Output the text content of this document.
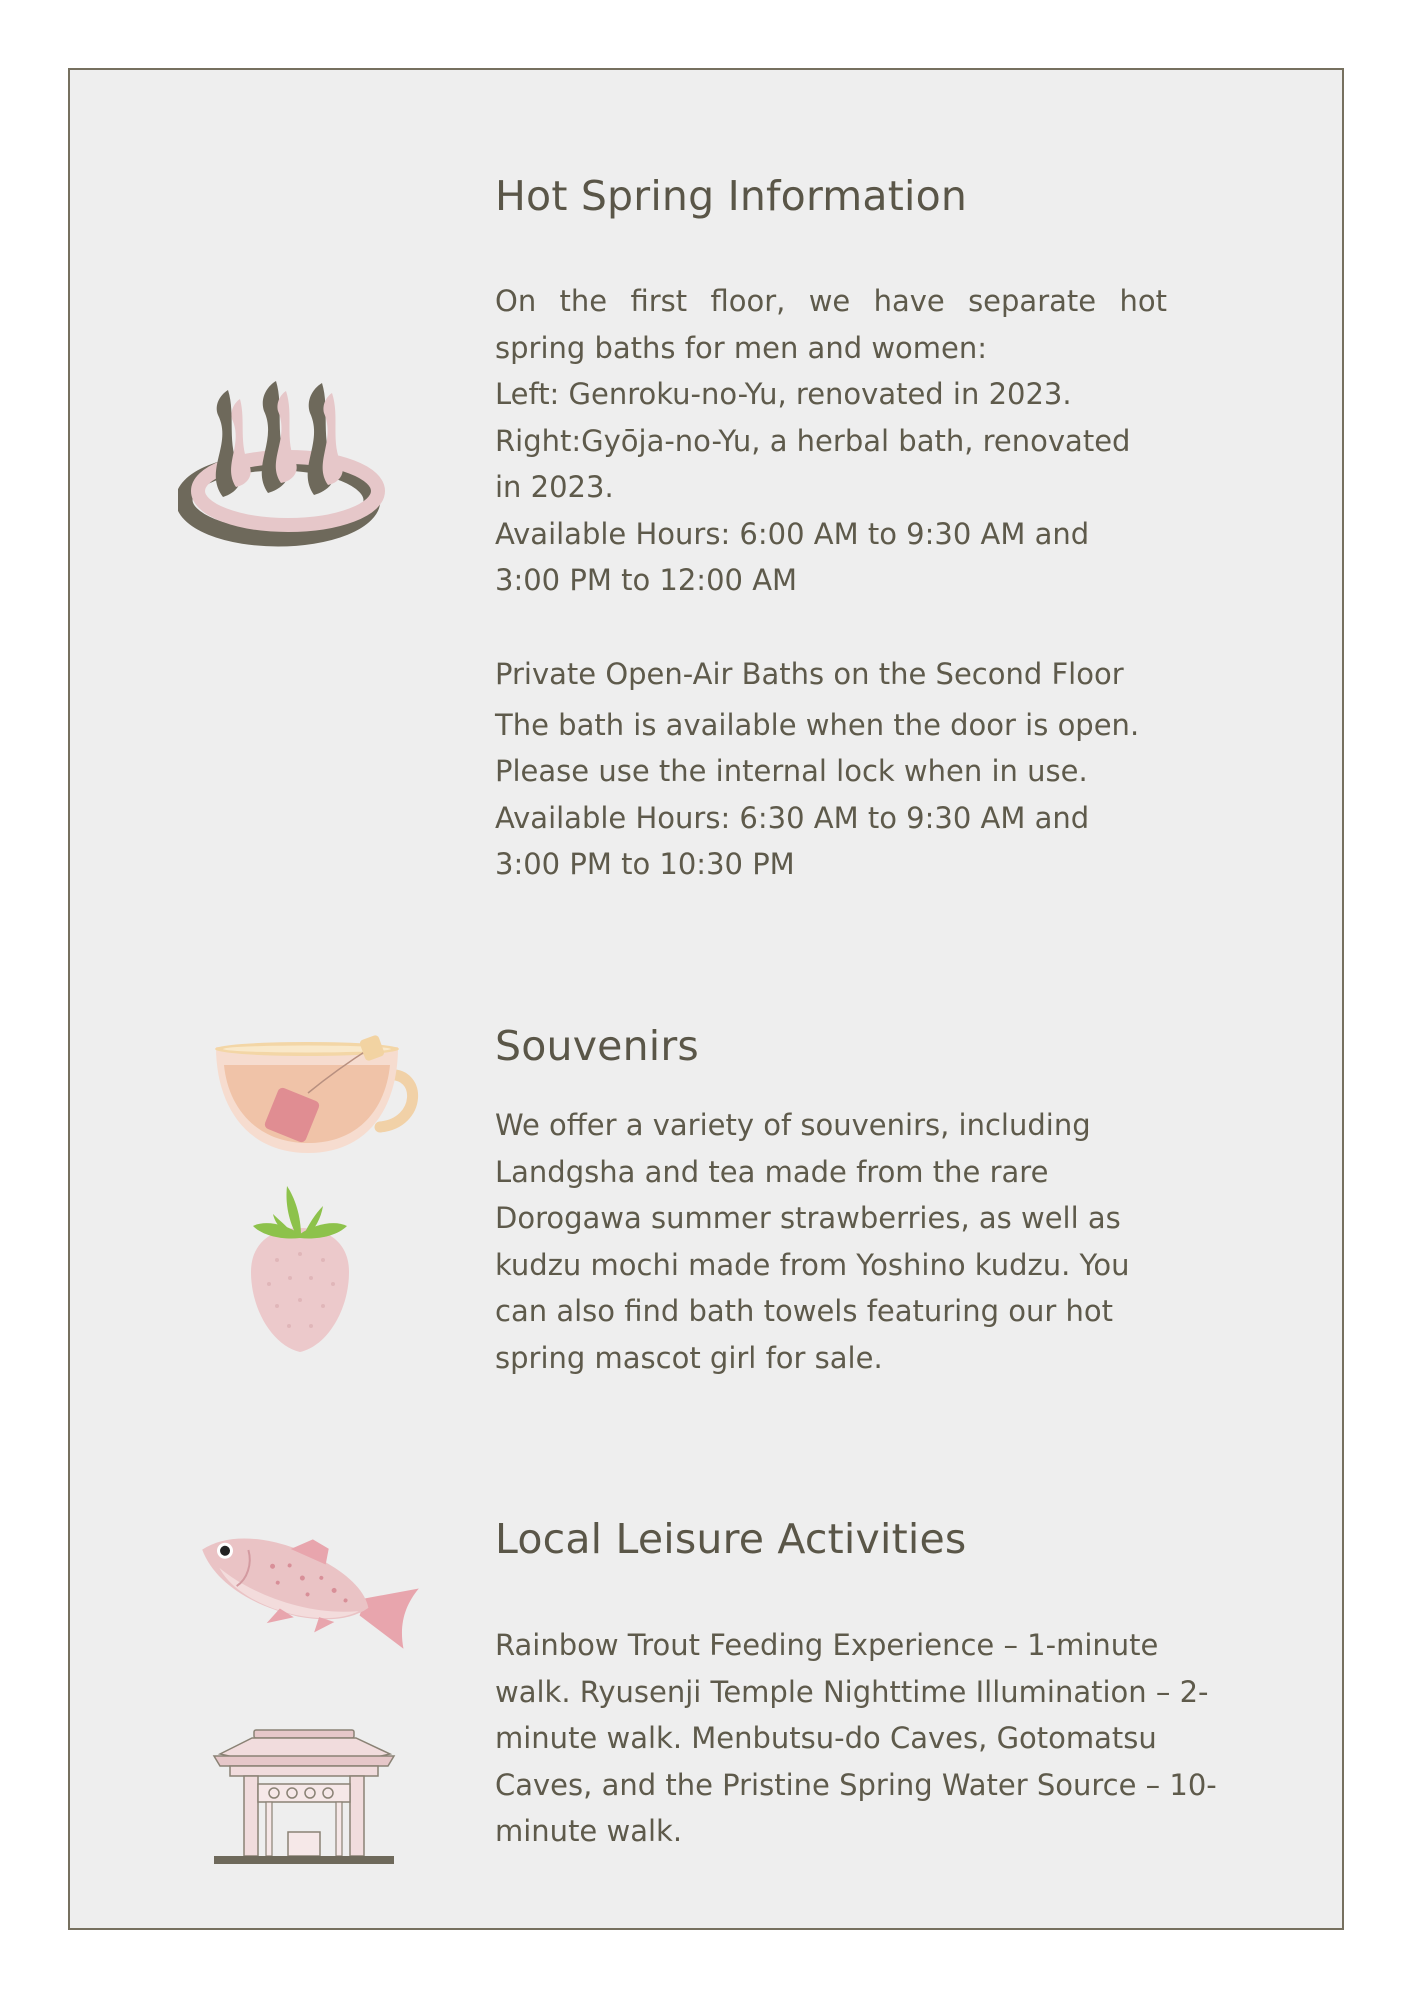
Hot Spring Information
On the first floor, we have separate hot
spring baths for men and women:
Left: Genroku-no-Yu, renovated in 2023.
Right:Gyōja-no-Yu, a herbal bath, renovated
in 2023.
Available Hours: 6:00 AM to 9:30 AM and
3:00 PM to 12:00 AM
Private Open-Air Baths on the Second Floor
The bath is available when the door is open.
Please use the internal lock when in use.
Available Hours: 6:30 AM to 9:30 AM and
3:00 PM to 10:30 PM
Souvenirs
We offer a variety of souvenirs, including
Landgsha and tea made from the rare
Dorogawa summer strawberries, as well as
kudzu mochi made from Yoshino kudzu. You
can also find bath towels featuring our hot
spring mascot girl for sale.
Local Leisure Activities
Rainbow Trout Feeding Experience – 1-minute
walk. Ryusenji Temple Nighttime Illumination – 2-
minute walk. Menbutsu-do Caves, Gotomatsu
Caves, and the Pristine Spring Water Source – 10-
minute walk.
